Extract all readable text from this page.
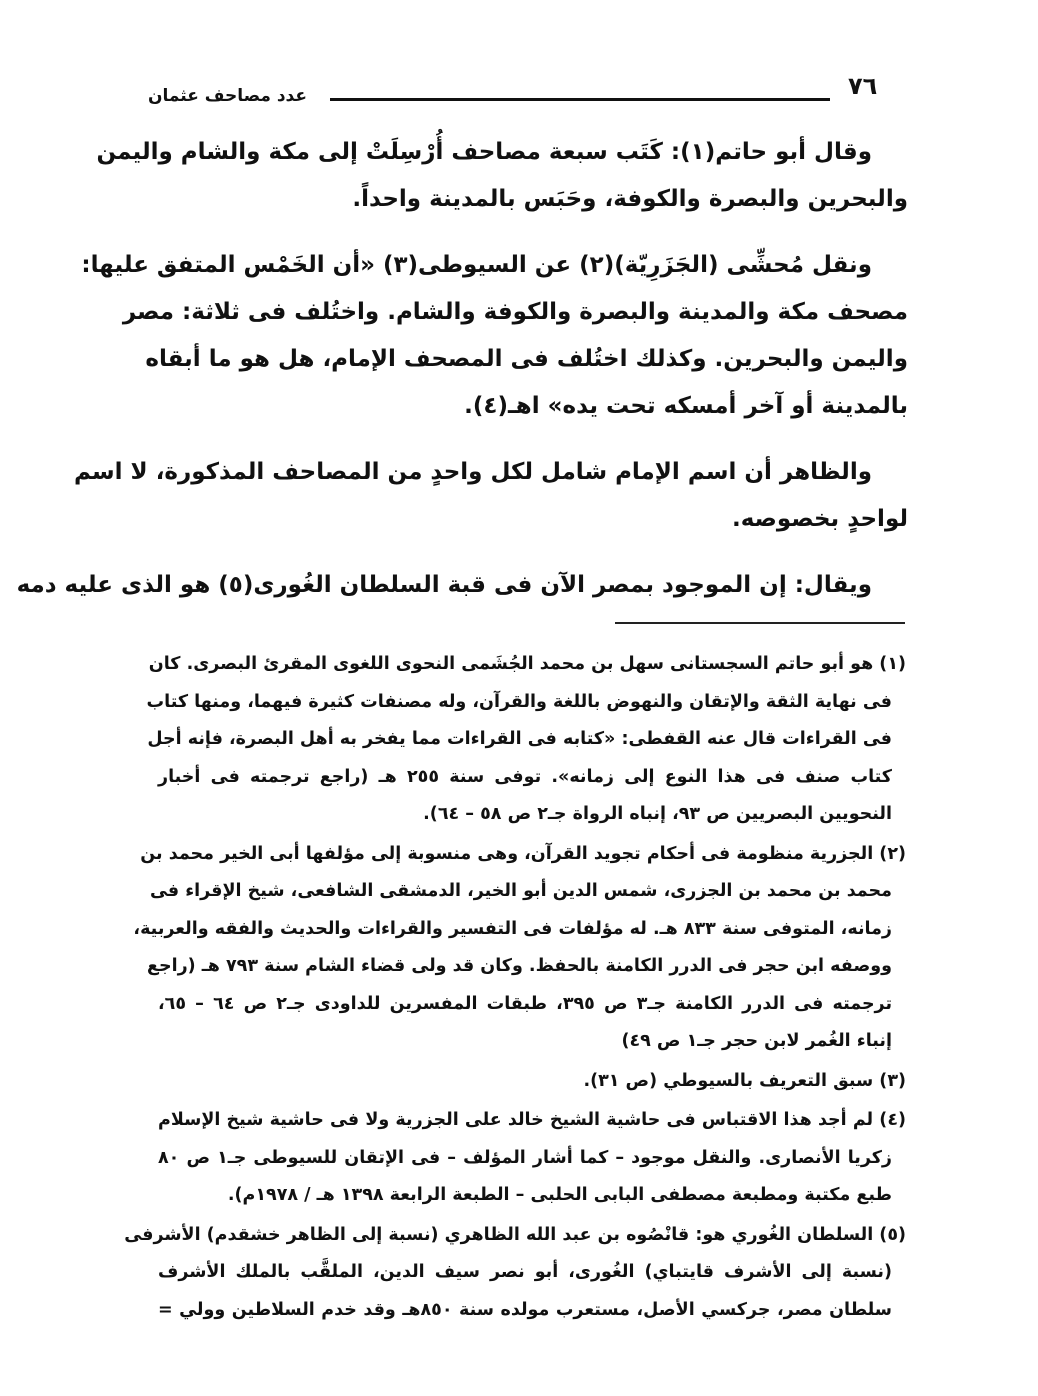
٧٦
عدد مصاحف عثمان
وقال أبو حاتم(١): كَتَب سبعة مصاحف أُرْسِلَتْ إلى مكة والشام واليمن
والبحرين والبصرة والكوفة، وحَبَس بالمدينة واحداً.
ونقل مُحشِّى (الجَزَرِيّة)(٢) عن السيوطى(٣) «أن الخَمْس المتفق عليها:
مصحف مكة والمدينة والبصرة والكوفة والشام. واختُلف فى ثلاثة: مصر
واليمن والبحرين. وكذلك اختُلف فى المصحف الإمام، هل هو ما أبقاه
بالمدينة أو آخر أمسكه تحت يده» اهـ(٤).
والظاهر أن اسم الإمام شامل لكل واحدٍ من المصاحف المذكورة، لا اسم
لواحدٍ بخصوصه.
ويقال: إن الموجود بمصر الآن فى قبة السلطان الغُورى(٥) هو الذى عليه دمه
(١) هو أبو حاتم السجستانى سهل بن محمد الجُشَمى النحوى اللغوى المقرئ البصرى. كان
فى نهاية الثقة والإتقان والنهوض باللغة والقرآن، وله مصنفات كثيرة فيهما، ومنها كتاب
فى القراءات قال عنه القفطى: «كتابه فى القراءات مما يفخر به أهل البصرة، فإنه أجل
كتاب صنف فى هذا النوع إلى زمانه». توفى سنة ٢٥٥ هـ (راجع ترجمته فى أخبار
النحويين البصريين ص ٩٣، إنباه الرواة جـ٢ ص ٥٨ – ٦٤).
(٢) الجزرية منظومة فى أحكام تجويد القرآن، وهى منسوبة إلى مؤلفها أبى الخير محمد بن
محمد بن محمد بن الجزرى، شمس الدين أبو الخير، الدمشقى الشافعى، شيخ الإقراء فى
زمانه، المتوفى سنة ٨٣٣ هـ. له مؤلفات فى التفسير والقراءات والحديث والفقه والعربية،
ووصفه ابن حجر فى الدرر الكامنة بالحفظ. وكان قد ولى قضاء الشام سنة ٧٩٣ هـ (راجع
ترجمته فى الدرر الكامنة جـ٣ ص ٣٩٥، طبقات المفسرين للداودى جـ٢ ص ٦٤ – ٦٥،
إنباء الغُمر لابن حجر جـ١ ص ٤٩)
(٣) سبق التعريف بالسيوطي (ص ٣١).
(٤) لم أجد هذا الاقتباس فى حاشية الشيخ خالد على الجزرية ولا فى حاشية شيخ الإسلام
زكريا الأنصارى. والنقل موجود – كما أشار المؤلف – فى الإتقان للسيوطى جـ١ ص ٨٠
طبع مكتبة ومطبعة مصطفى البابى الحلبى – الطبعة الرابعة ١٣٩٨ هـ / ١٩٧٨م).
(٥) السلطان الغُوري هو: قانْصُوه بن عبد الله الظاهري (نسبة إلى الظاهر خشقدم) الأشرفى
(نسبة إلى الأشرف قايتباي) الغُورى، أبو نصر سيف الدين، الملقَّب بالملك الأشرف
سلطان مصر، جركسي الأصل، مستعرب مولده سنة ٨٥٠هـ وقد خدم السلاطين وولي =
